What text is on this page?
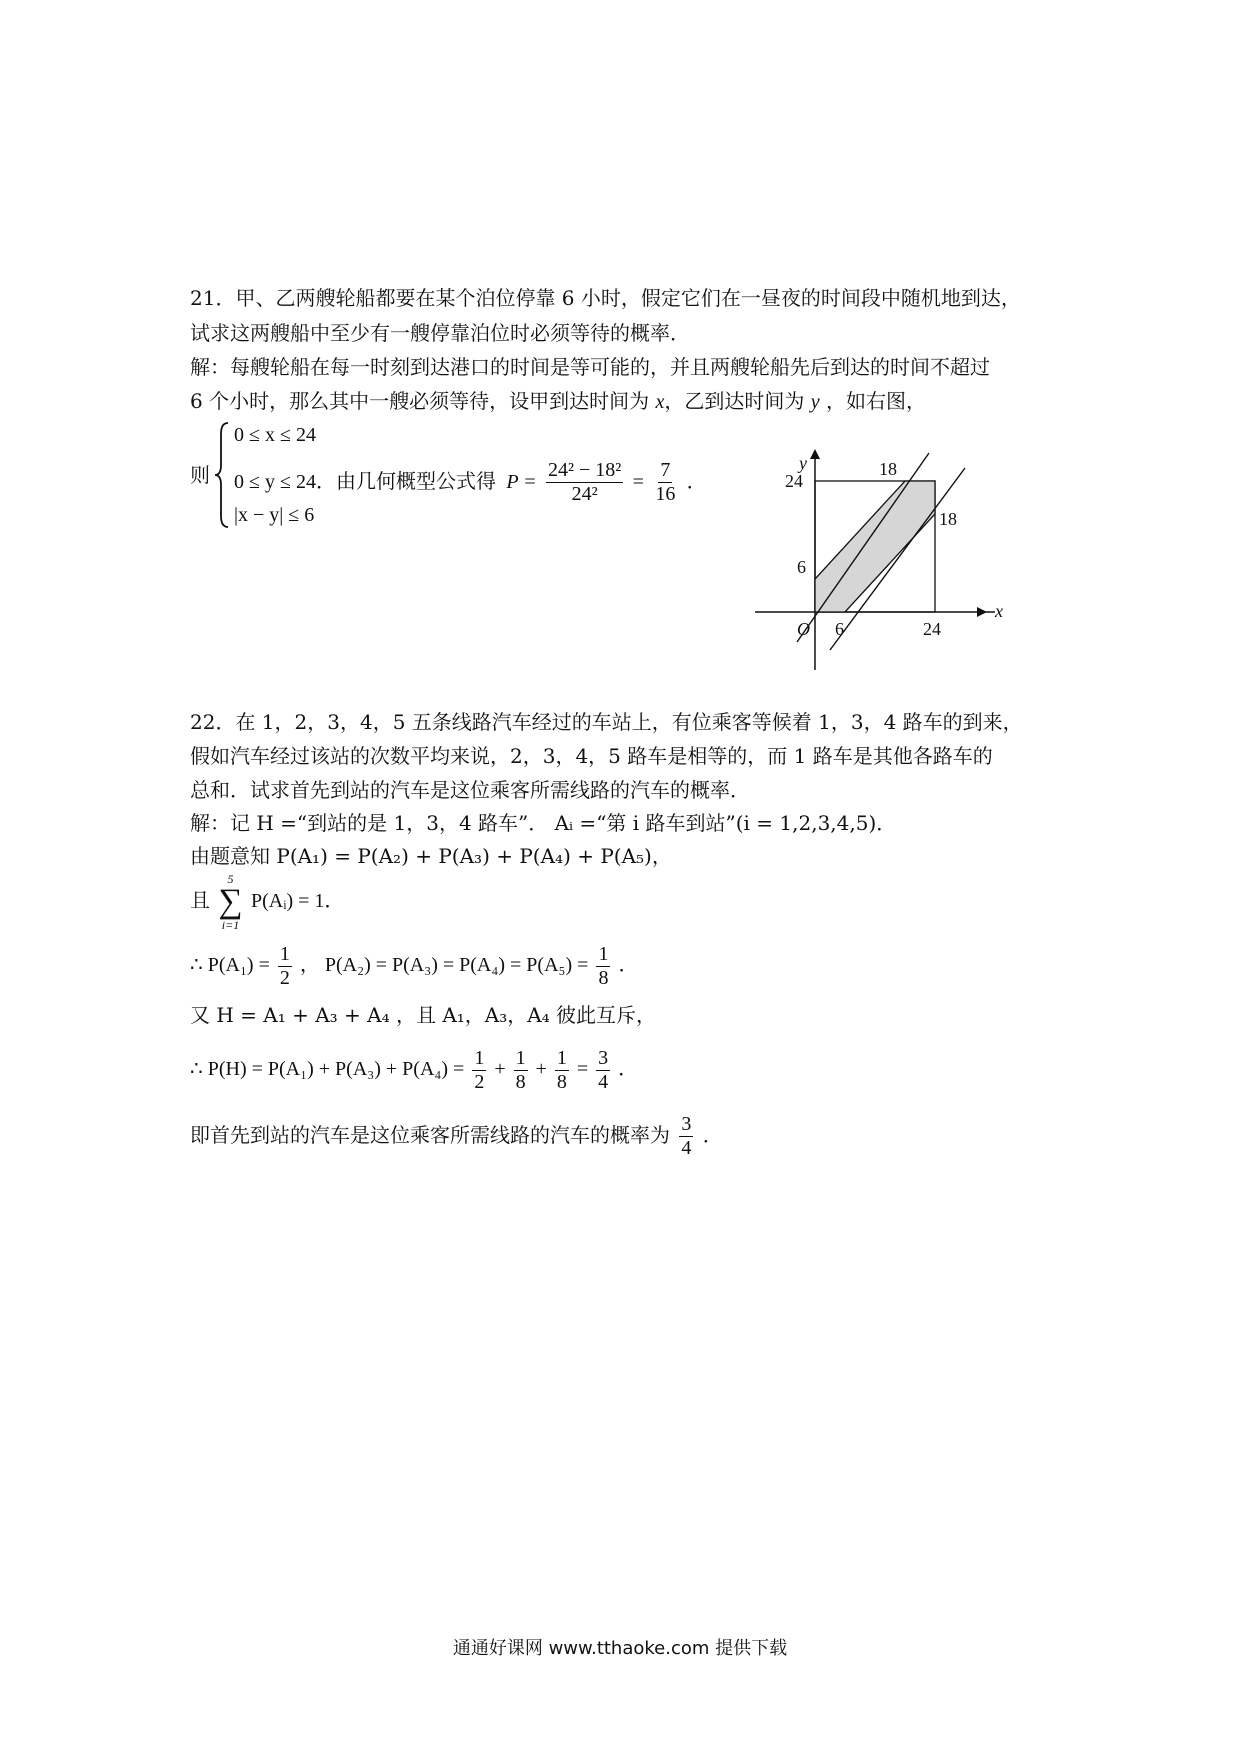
21．甲、乙两艘轮船都要在某个泊位停靠 6 小时，假定它们在一昼夜的时间段中随机地到达，
试求这两艘船中至少有一艘停靠泊位时必须等待的概率．
解：每艘轮船在每一时刻到达港口的时间是等可能的，并且两艘轮船先后到达的时间不超过
6 个小时，那么其中一艘必须等待，设甲到达时间为 x，乙到达时间为 y ，如右图，
则
0 ≤ x ≤ 24
0 ≤ y ≤ 24．由几何概型公式得 $P = \frac{\text{24² − 18²}}{\text{24²}} = \frac{7}{16}$ ．
|x − y| ≤ 6
y
x
O
24
6
6	24
18
18
22．在 1，2，3，4，5 五条线路汽车经过的车站上，有位乘客等候着 1，3，4 路车的到来，
假如汽车经过该站的次数平均来说，2，3，4，5 路车是相等的，而 1 路车是其他各路车的
总和．试求首先到站的汽车是这位乘客所需线路的汽车的概率．
解：记 H =“到站的是 1，3，4 路车”． Aᵢ =“第 i 路车到站”(i = 1,2,3,4,5)．
由题意知 P(A₁) = P(A₂) + P(A₃) + P(A₄) + P(A₅)，
且
5
∑
i=1
P(Aᵢ) = 1．
∴ $P(A_1) = \frac{1}{2}$ ， $P(A_2) = P(A_3) = P(A_4) = P(A_5) = \frac{1}{8}$ ．
又 H = A₁ + A₃ + A₄ ，且 A₁，A₃，A₄ 彼此互斥，
∴ $P(H) = P(A_1) + P(A_3) + P(A_4) = \frac{1}{2} + \frac{1}{8} + \frac{1}{8} = \frac{3}{4}$ ．
即首先到站的汽车是这位乘客所需线路的汽车的概率为 $\frac{3}{4}$ ．
通通好课网 www.tthaoke.com 提供下载
